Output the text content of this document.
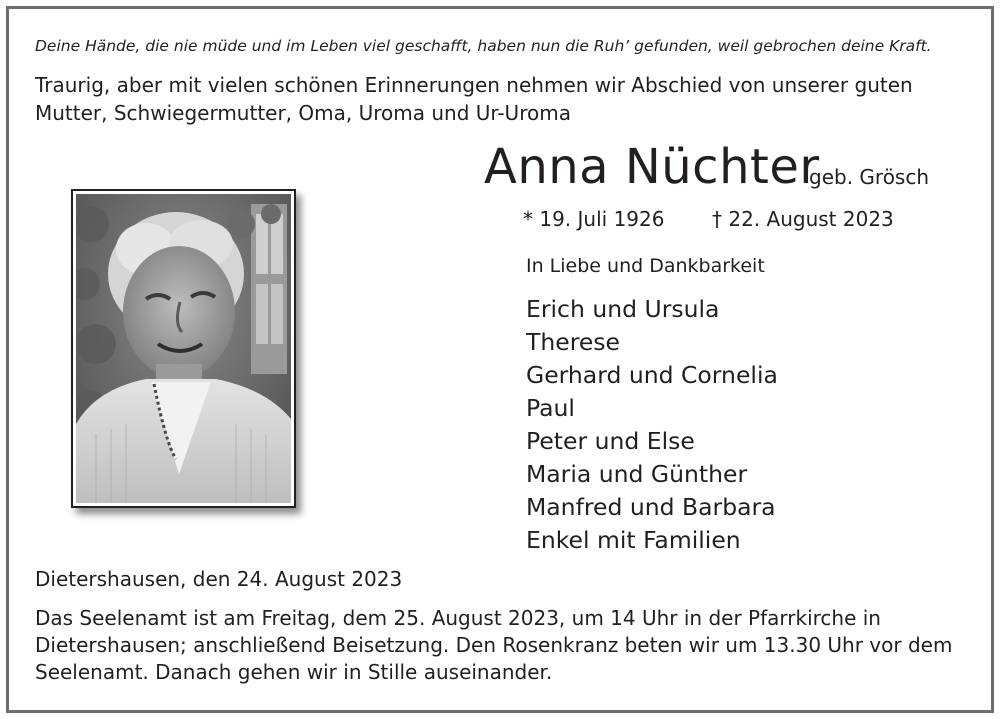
Deine Hände, die nie müde und im Leben viel geschafft, haben nun die Ruh’ gefunden, weil gebrochen deine Kraft.
Traurig, aber mit vielen schönen Erinnerungen nehmen wir Abschied von unserer guten Mutter, Schwiegermutter, Oma, Uroma und Ur-Uroma
Anna Nüchter
geb. Grösch
* 19. Juli 1926 † 22. August 2023
In Liebe und Dankbarkeit
Erich und Ursula
Therese
Gerhard und Cornelia
Paul
Peter und Else
Maria und Günther
Manfred und Barbara
Enkel mit Familien
Dietershausen, den 24. August 2023
Das Seelenamt ist am Freitag, dem 25. August 2023, um 14 Uhr in der Pfarrkirche in Dietershausen; anschließend Beisetzung. Den Rosenkranz beten wir um 13.30 Uhr vor dem Seelenamt. Danach gehen wir in Stille auseinander.
